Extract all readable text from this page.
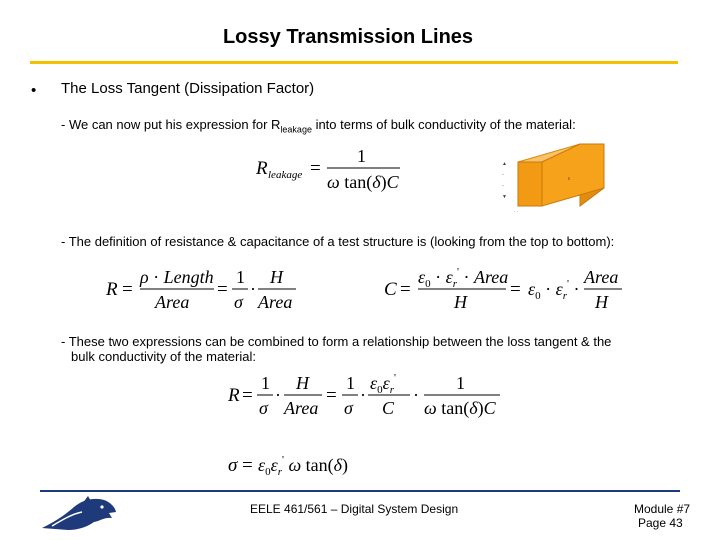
Lossy Transmission Lines
• The Loss Tangent (Dissipation Factor)
- We can now put his expression for $R_{leakage}$ into terms of bulk conductivity of the material:
R leakage =
1
ω tan(δ)C
▲
-
-
▼
· ·
ε
- The definition of resistance & capacitance of a test structure is (looking from the top to bottom):
R =
ρ · Length
Area
=
1
σ
·
H
Area
C =
$\varepsilon_0 \cdot \varepsilon_r'$ · Area
H
= $\varepsilon_0 \cdot \varepsilon_r'$ ·
Area
H
- These two expressions can be combined to form a relationship between the loss tangent & the
bulk conductivity of the material:
R =
1
σ
·
H
Area
=
1
σ
·
$\varepsilon_0\varepsilon_r'$
C
·
1
ω tan(δ)C
$\sigma = \varepsilon_0\varepsilon_r'$ ω tan(δ)
EELE 461/561 – Digital System Design	Module #7
Page 43
